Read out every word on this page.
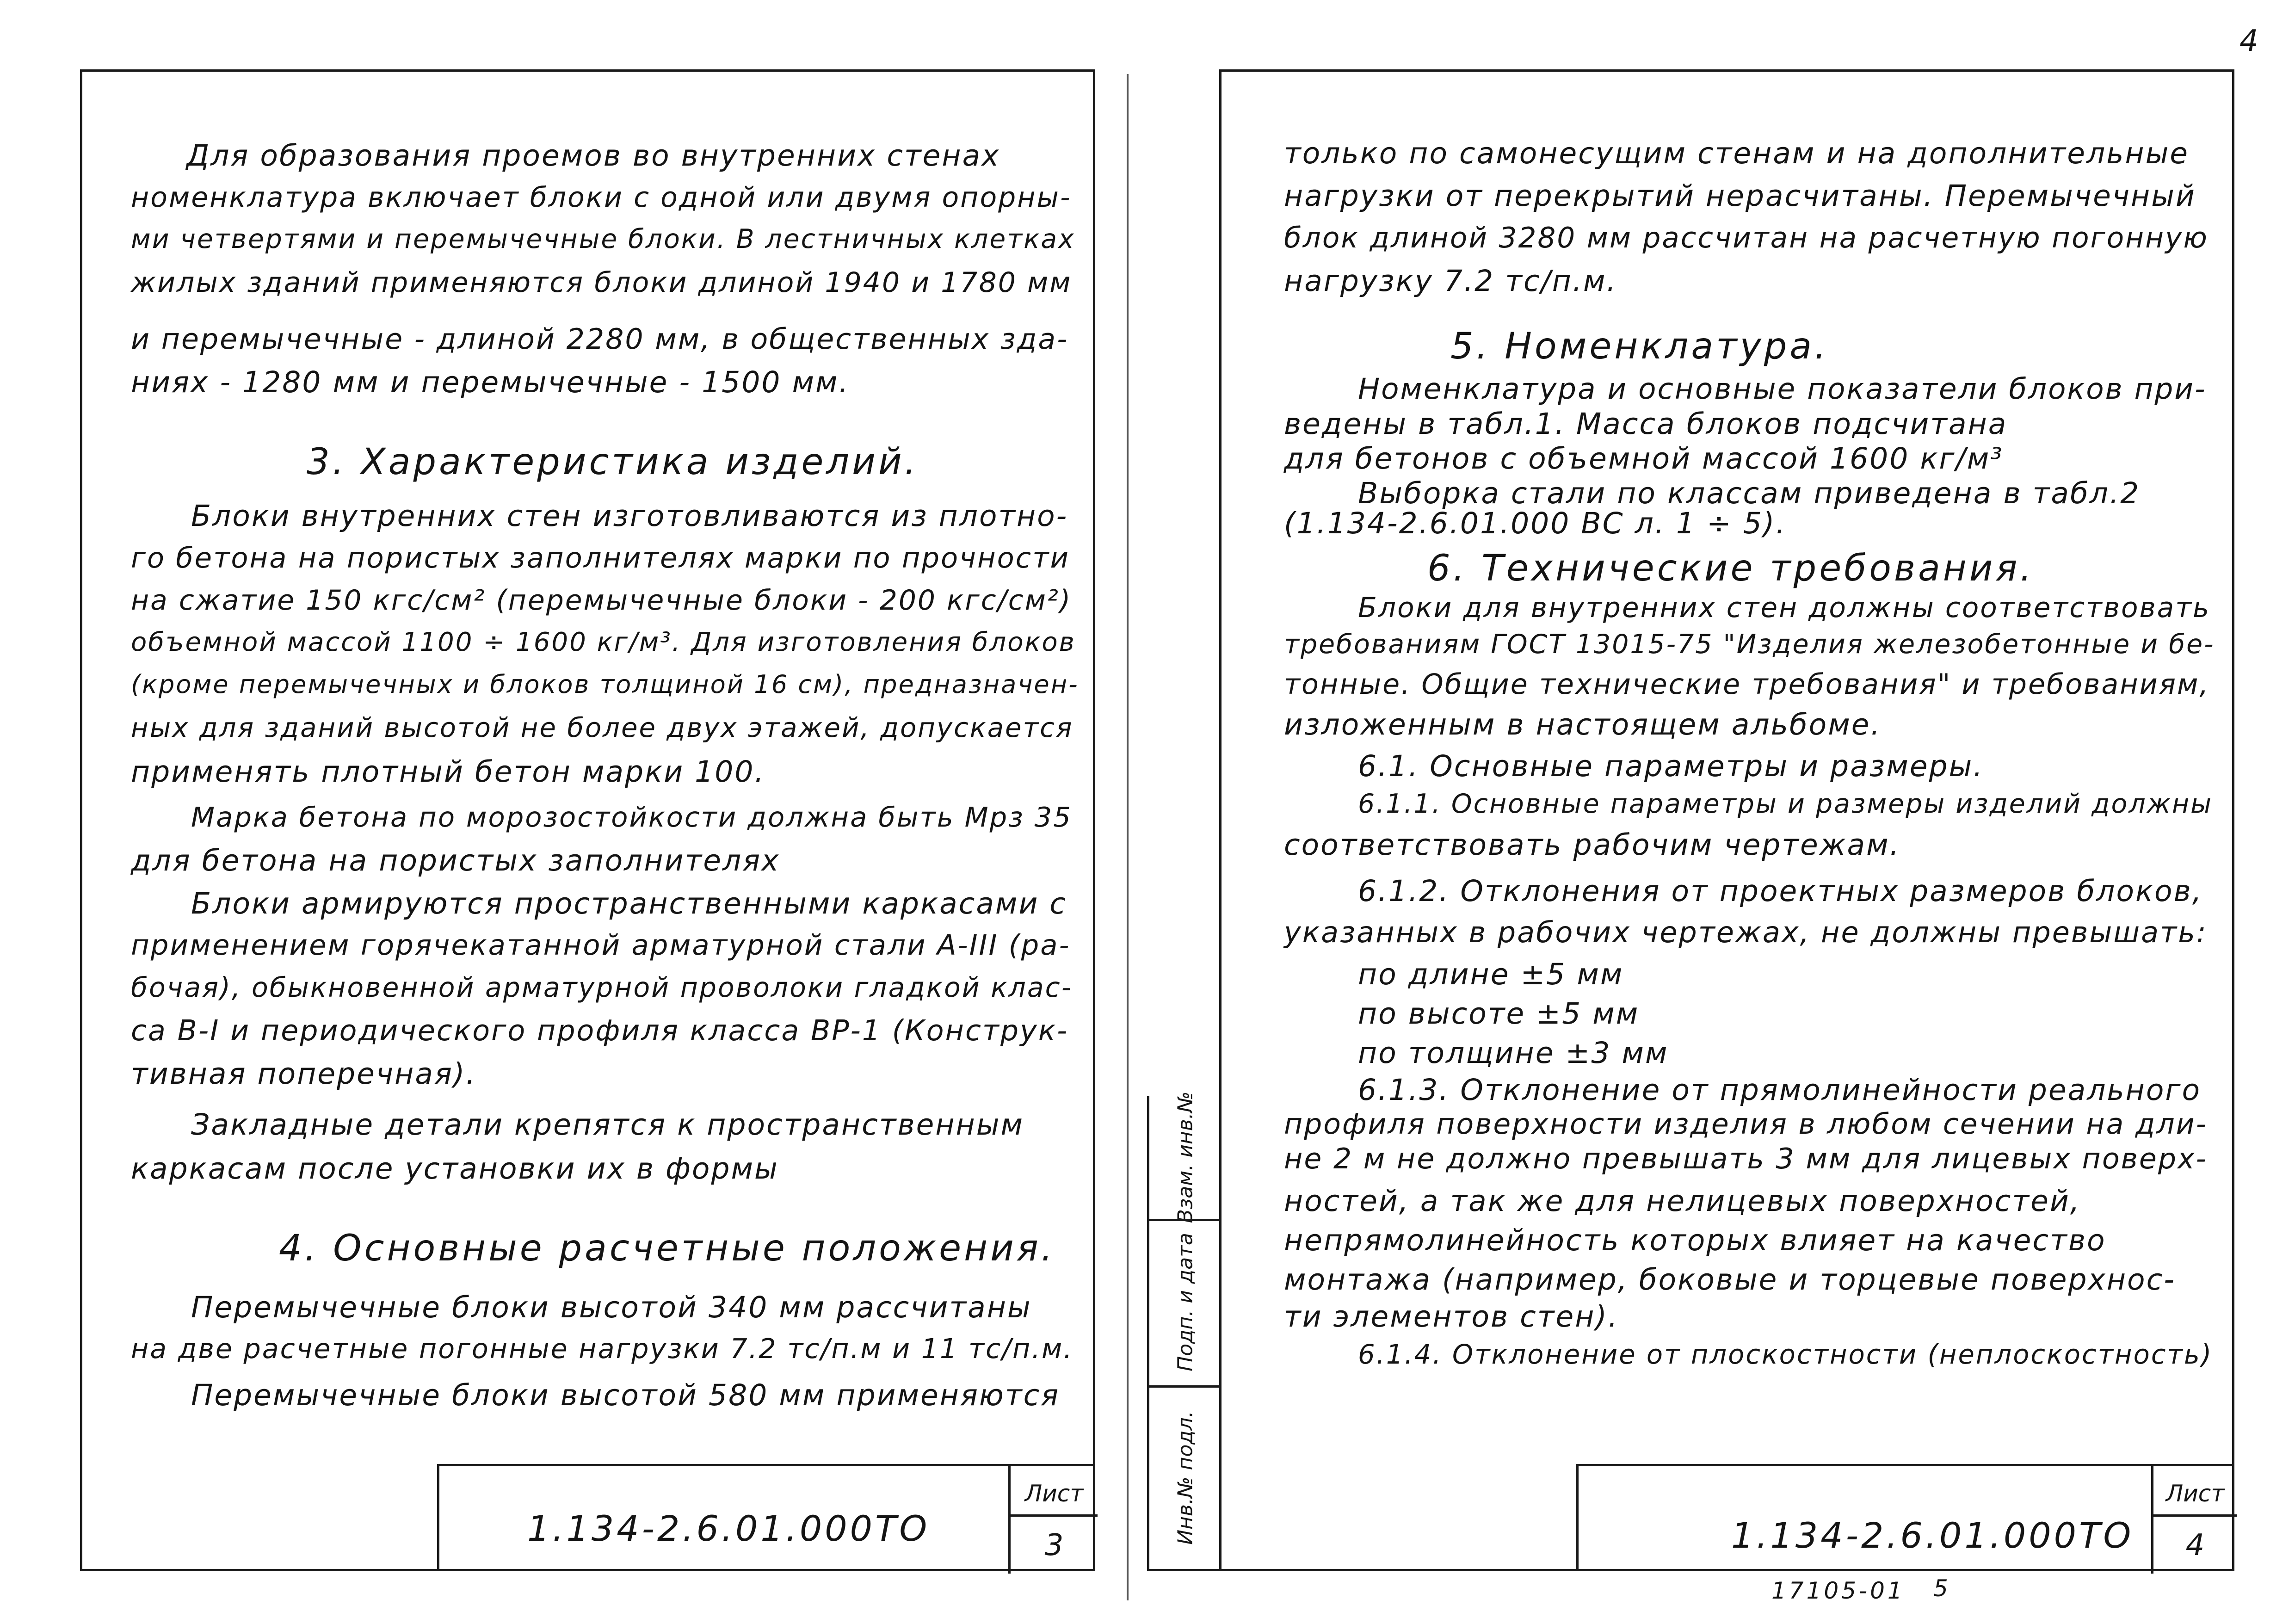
4
Для образования проемов во внутренних стенах
номенклатура включает блоки с одной или двумя опорны-
ми четвертями и перемычечные блоки. В лестничных клетках
жилых зданий применяются блоки длиной 1940 и 1780 мм
и перемычечные - длиной 2280 мм, в общественных зда-
ниях - 1280 мм и перемычечные - 1500 мм.
3. Характеристика изделий.
Блоки внутренних стен изготовливаются из плотно-
го бетона на пористых заполнителях марки по прочности
на сжатие 150 кгс/см² (перемычечные блоки - 200 кгс/см²)
объемной массой 1100 ÷ 1600 кг/м³. Для изготовления блоков
(кроме перемычечных и блоков толщиной 16 см), предназначен-
ных для зданий высотой не более двух этажей, допускается
применять плотный бетон марки 100.
Марка бетона по морозостойкости должна быть Мрз 35
для бетона на пористых заполнителях
Блоки армируются пространственными каркасами с
применением горячекатанной арматурной стали А-III (ра-
бочая), обыкновенной арматурной проволоки гладкой клас-
са В-I и периодического профиля класса ВР-1 (Конструк-
тивная поперечная).
Закладные детали крепятся к пространственным
каркасам после установки их в формы
4. Основные расчетные положения.
Перемычечные блоки высотой 340 мм рассчитаны
на две расчетные погонные нагрузки 7.2 тс/п.м и 11 тс/п.м.
Перемычечные блоки высотой 580 мм применяются
1.134-2.6.01.000ТО
Лист
3
Взам. инв.№
Подп. и дата
Инв.№ подл.
только по самонесущим стенам и на дополнительные
нагрузки от перекрытий нерасчитаны. Перемычечный
блок длиной 3280 мм рассчитан на расчетную погонную
нагрузку 7.2 тс/п.м.
5. Номенклатура.
Номенклатура и основные показатели блоков при-
ведены в табл.1. Масса блоков подсчитана
для бетонов с объемной массой 1600 кг/м³
Выборка стали по классам приведена в табл.2
(1.134-2.6.01.000 ВС л. 1 ÷ 5).
6. Технические требования.
Блоки для внутренних стен должны соответствовать
требованиям ГОСТ 13015-75 "Изделия железобетонные и бе-
тонные. Общие технические требования" и требованиям,
изложенным в настоящем альбоме.
6.1. Основные параметры и размеры.
6.1.1. Основные параметры и размеры изделий должны
соответствовать рабочим чертежам.
6.1.2. Отклонения от проектных размеров блоков,
указанных в рабочих чертежах, не должны превышать:
по длине ±5 мм
по высоте ±5 мм
по толщине ±3 мм
6.1.3. Отклонение от прямолинейности реального
профиля поверхности изделия в любом сечении на дли-
не 2 м не должно превышать 3 мм для лицевых поверх-
ностей, а так же для нелицевых поверхностей,
непрямолинейность которых влияет на качество
монтажа (например, боковые и торцевые поверхнос-
ти элементов стен).
6.1.4. Отклонение от плоскостности (неплоскостность)
1.134-2.6.01.000ТО
Лист
4
17105-01 5
